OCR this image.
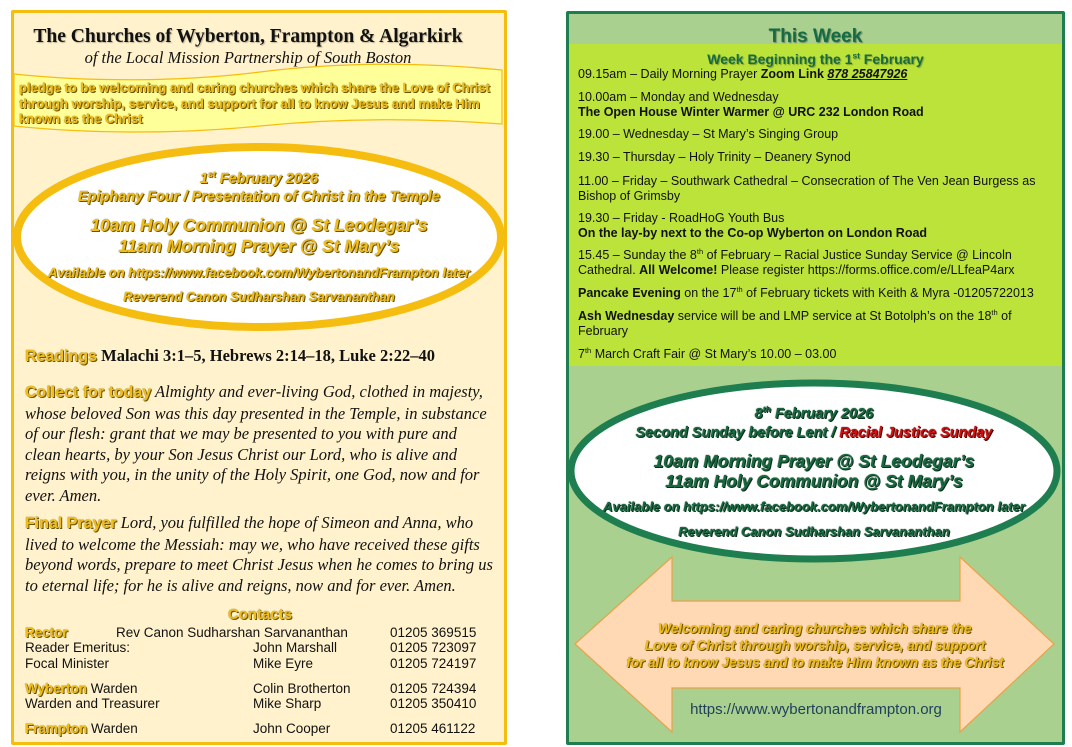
The Churches of Wyberton, Frampton & Algarkirk
of the Local Mission Partnership of South Boston
pledge to be welcoming and caring churches which share the Love of Christ through worship, service, and support for all to know Jesus and make Him known as the Christ
1st February 2026
Epiphany Four / Presentation of Christ in the Temple
10am Holy Communion @ St Leodegar’s
11am Morning Prayer @ St Mary’s
Available on https://www.facebook.com/WybertonandFrampton later
Reverend Canon Sudharshan Sarvananthan
Readings Malachi 3:1–5, Hebrews 2:14–18, Luke 2:22–40
Collect for today Almighty and ever-living God, clothed in majesty, whose beloved Son was this day presented in the Temple, in substance of our flesh: grant that we may be presented to you with pure and clean hearts, by your Son Jesus Christ our Lord, who is alive and reigns with you, in the unity of the Holy Spirit, one God, now and for ever. Amen.
Final Prayer Lord, you fulfilled the hope of Simeon and Anna, who lived to welcome the Messiah: may we, who have received these gifts beyond words, prepare to meet Christ Jesus when he comes to bring us to eternal life; for he is alive and reigns, now and for ever. Amen.
Contacts
Rector	Rev Canon Sudharshan Sarvananthan	01205 369515
Reader Emeritus:	John Marshall	01205 723097
Focal Minister	Mike Eyre	01205 724197
Wyberton Warden	Colin Brotherton	01205 724394
Warden and Treasurer	Mike Sharp	01205 350410
Frampton Warden	John Cooper	01205 461122
This Week
Week Beginning the 1st February
09.15am – Daily Morning Prayer Zoom Link 878 25847926
10.00am – Monday and Wednesday
The Open House Winter Warmer @ URC 232 London Road
19.00 – Wednesday – St Mary’s Singing Group
19.30 – Thursday – Holy Trinity – Deanery Synod
11.00 – Friday – Southwark Cathedral – Consecration of The Ven Jean Burgess as Bishop of Grimsby
19.30 – Friday - RoadHoG Youth Bus
On the lay-by next to the Co-op Wyberton on London Road
15.45 – Sunday the 8th of February – Racial Justice Sunday Service @ Lincoln Cathedral. All Welcome! Please register https://forms.office.com/e/LLfeaP4arx
Pancake Evening on the 17th of February tickets with Keith & Myra -01205722013
Ash Wednesday service will be and LMP service at St Botolph’s on the 18th of February
7th March Craft Fair @ St Mary’s 10.00 – 03.00
8th February 2026
Second Sunday before Lent / Racial Justice Sunday
10am Morning Prayer @ St Leodegar’s
11am Holy Communion @ St Mary’s
Available on https://www.facebook.com/WybertonandFrampton later
Reverend Canon Sudharshan Sarvananthan
Welcoming and caring churches which share the
Love of Christ through worship, service, and support
for all to know Jesus and to make Him known as the Christ
https://www.wybertonandframpton.org
